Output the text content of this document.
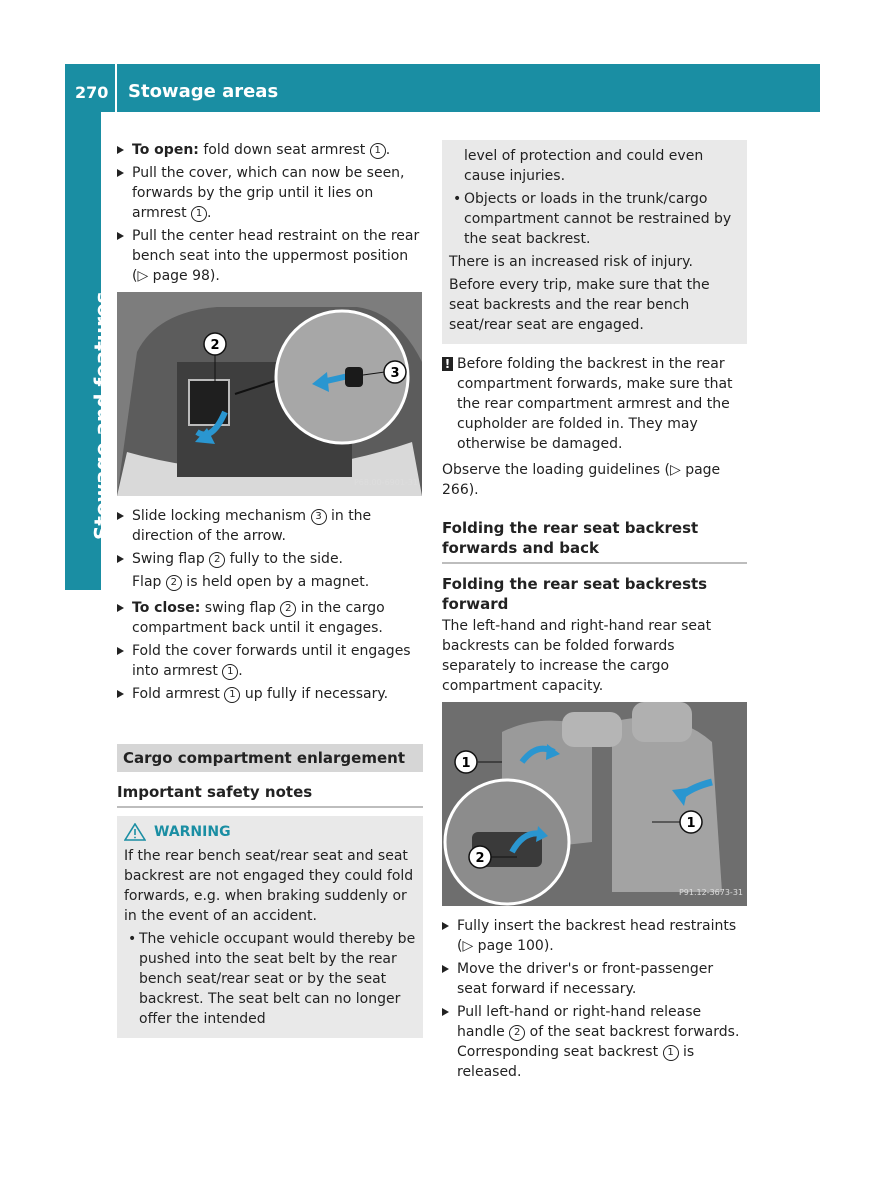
270 Stowage areas
Stowage and features
To open: fold down seat armrest 1 .
Pull the cover, which can now be seen, forwards by the grip until it lies on armrest 1 .
Pull the center head restraint on the rear bench seat into the uppermost position (▷ page 98).
2
3
P68.00-6901-31
Slide locking mechanism 3 in the direction of the arrow.
Swing flap 2 fully to the side.

Flap 2 is held open by a magnet.

To close: swing flap 2 in the cargo compartment back until it engages.
Fold the cover forwards until it engages into armrest 1 .
Fold armrest 1 up fully if necessary.
Cargo compartment enlargement
Important safety notes
WARNING

If the rear bench seat/rear seat and seat backrest are not engaged they could fold forwards, e.g. when braking suddenly or in the event of an accident.

• The vehicle occupant would thereby be pushed into the seat belt by the rear bench seat/rear seat or by the seat backrest. The seat belt can no longer offer the intended

level of protection and could even cause injuries.

• Objects or loads in the trunk/cargo compartment cannot be restrained by the seat backrest.

There is an increased risk of injury.

Before every trip, make sure that the seat backrests and the rear bench seat/rear seat are engaged.

! Before folding the backrest in the rear compartment forwards, make sure that the rear compartment armrest and the cupholder are folded in. They may otherwise be damaged.

Observe the loading guidelines (▷ page 266).

Folding the rear seat backrest forwards and back
Folding the rear seat backrests forward

The left-hand and right-hand rear seat backrests can be folded forwards separately to increase the cargo compartment capacity.

1
1
2
P91.12-3673-31
Fully insert the backrest head restraints (▷ page 100).
Move the driver's or front-passenger seat forward if necessary.
Pull left-hand or right-hand release handle 2 of the seat backrest forwards. Corresponding seat backrest 1 is released.
